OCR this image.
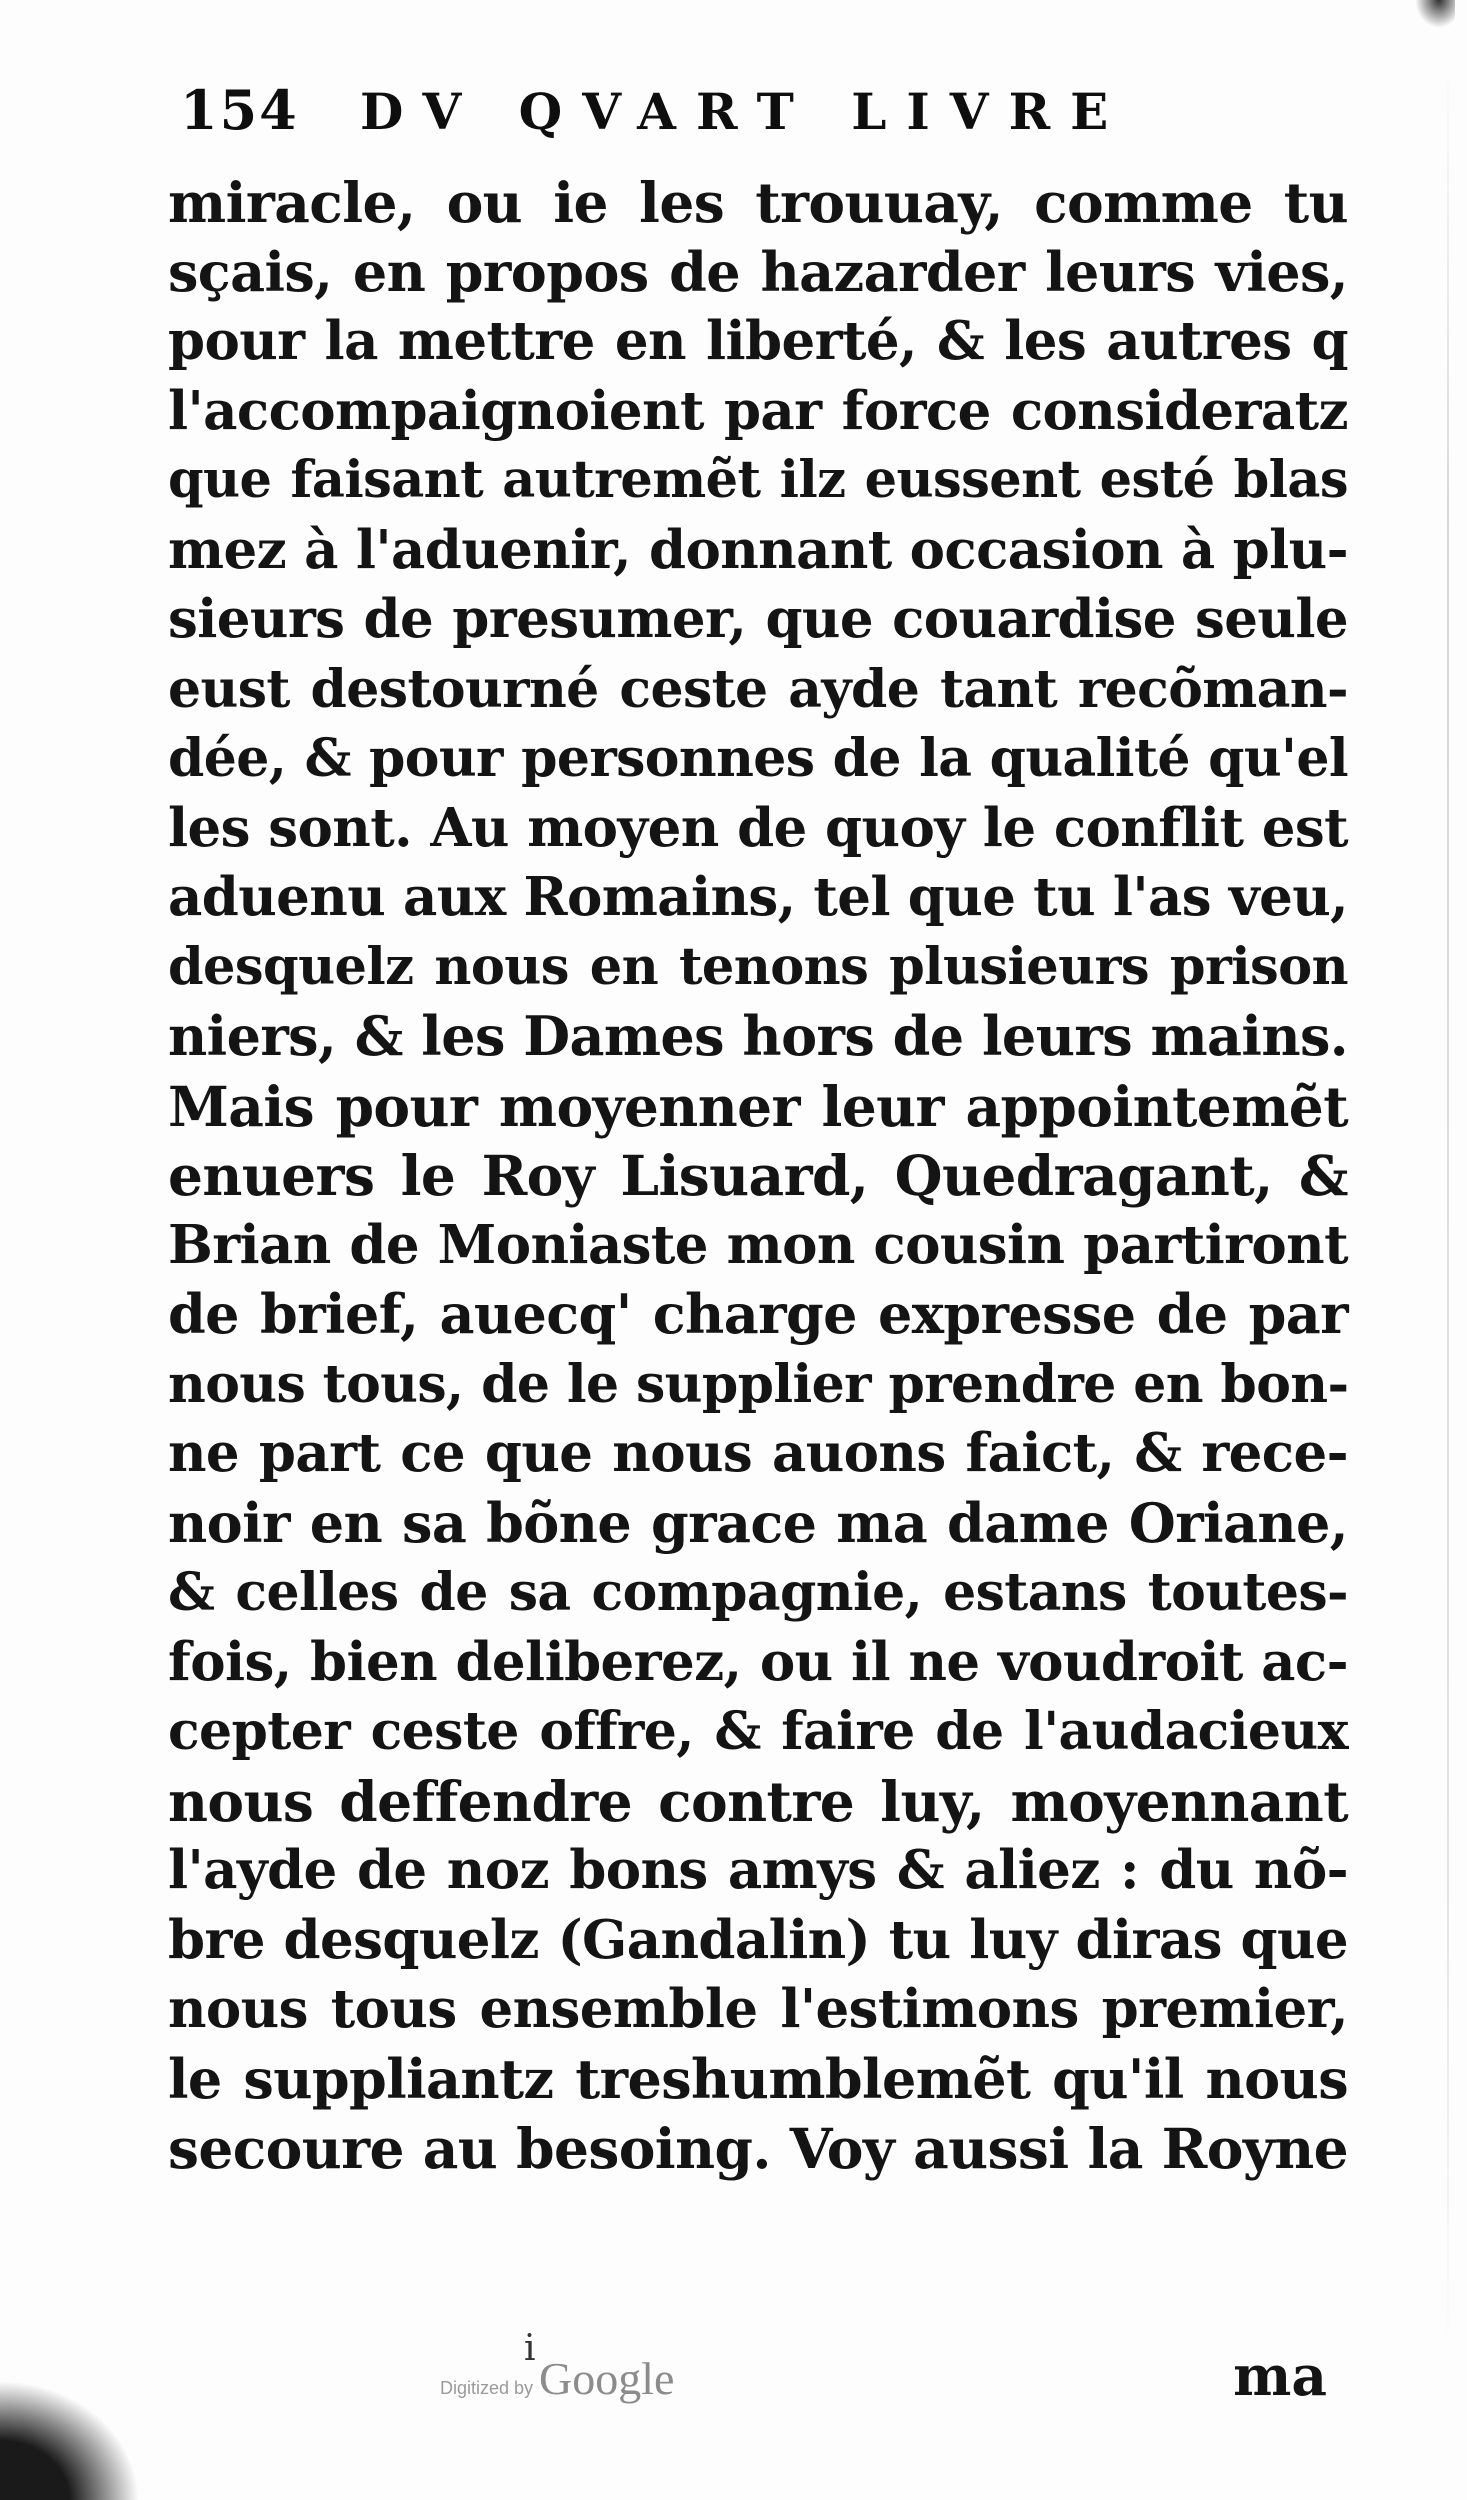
154	DV QVART LIVRE
miracle, ou ie les trouuay, comme tu
sçais, en propos de hazarder leurs vies,
pour la mettre en liberté, & les autres q
l'accompaignoient par force consideratz
que faisant autremẽt ilz eussent esté blas
mez à l'aduenir, donnant occasion à plu-
sieurs de presumer, que couardise seule
eust destourné ceste ayde tant recõman-
dée, & pour personnes de la qualité qu'el
les sont. Au moyen de quoy le conflit est
aduenu aux Romains, tel que tu l'as veu,
desquelz nous en tenons plusieurs prison
niers, & les Dames hors de leurs mains.
Mais pour moyenner leur appointemẽt
enuers le Roy Lisuard, Quedragant, &
Brian de Moniaste mon cousin partiront
de brief, auecq' charge expresse de par
nous tous, de le supplier prendre en bon-
ne part ce que nous auons faict, & rece-
noir en sa bõne grace ma dame Oriane,
& celles de sa compagnie, estans toutes-
fois, bien deliberez, ou il ne voudroit ac-
cepter ceste offre, & faire de l'audacieux
nous deffendre contre luy, moyennant
l'ayde de noz bons amys & aliez : du nõ-
bre desquelz (Gandalin) tu luy diras que
nous tous ensemble l'estimons premier,
le suppliantz treshumblemẽt qu'il nous
secoure au besoing. Voy aussi la Royne
i	ma
Digitized by Google
